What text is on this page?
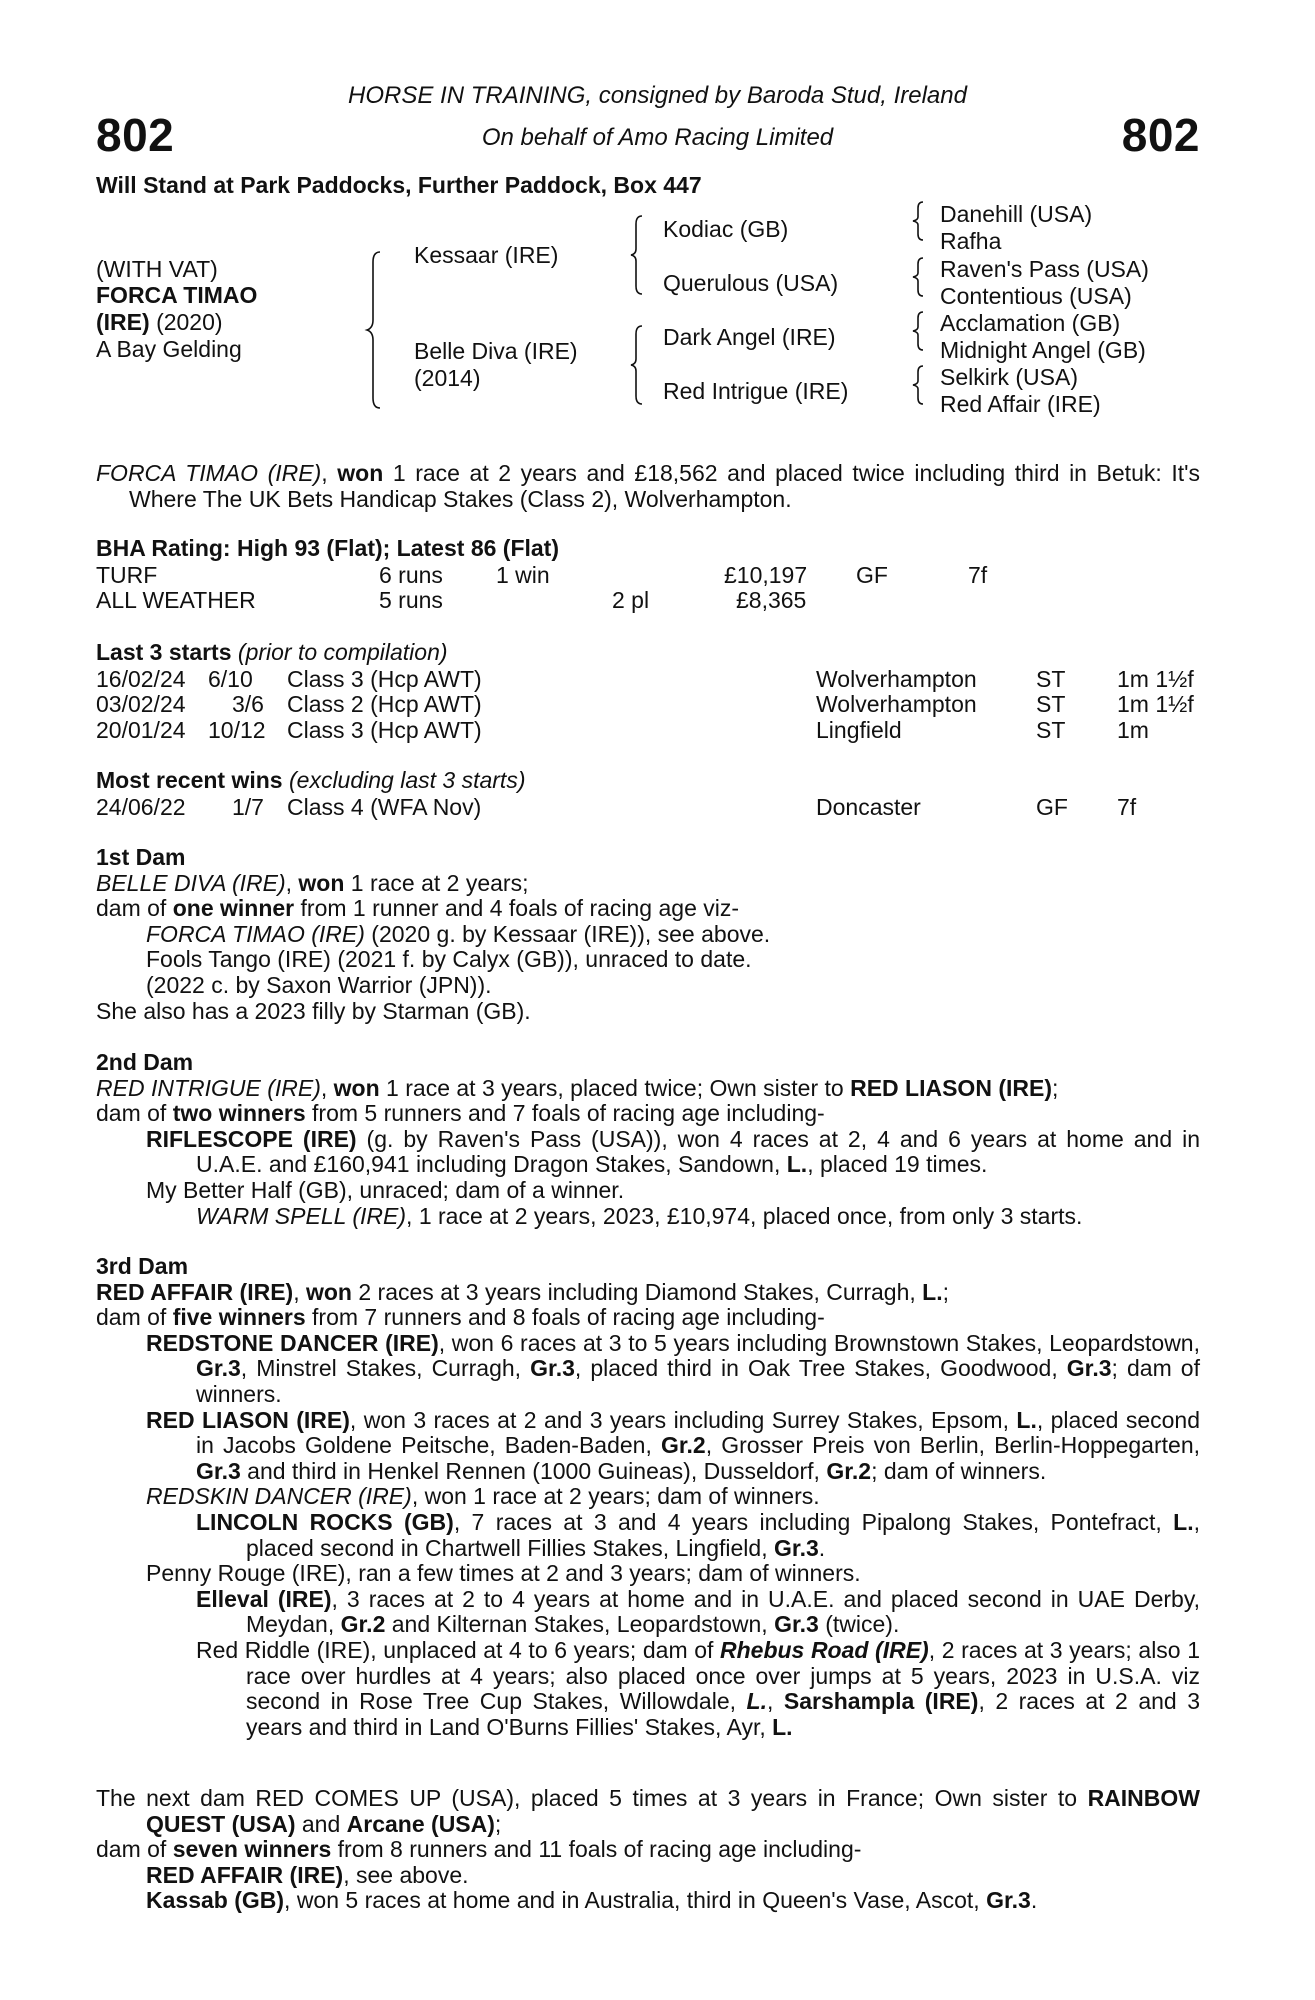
802	802
HORSE IN TRAINING, consigned by Baroda Stud, Ireland
On behalf of Amo Racing Limited
Will Stand at Park Paddocks, Further Paddock, Box 447
(WITH VAT)
FORCA TIMAO
(IRE) (2020)
A Bay Gelding
Kessaar (IRE)
Belle Diva (IRE)
(2014)
Kodiac (GB)
Querulous (USA)
Dark Angel (IRE)
Red Intrigue (IRE)
Danehill (USA)
Rafha
Raven's Pass (USA)
Contentious (USA)
Acclamation (GB)
Midnight Angel (GB)
Selkirk (USA)
Red Affair (IRE)

FORCA TIMAO (IRE), won 1 race at 2 years and £18,562 and placed twice including third in Betuk: It's Where The UK Bets Handicap Stakes (Class 2), Wolverhampton.

BHA Rating: High 93 (Flat); Latest 86 (Flat)
TURF	6 runs 1 win	£10,197 GF	7f
ALL WEATHER	5 runs	2 pl	£8,365
Last 3 starts (prior to compilation)
16/02/24 6/10 Class 3 (Hcp AWT)	Wolverhampton	ST 1m 1½f
03/02/24 3/6 Class 2 (Hcp AWT)	Wolverhampton	ST 1m 1½f
20/01/24 10/12 Class 3 (Hcp AWT)	Lingfield	ST 1m
Most recent wins (excluding last 3 starts)
24/06/22 1/7 Class 4 (WFA Nov)	Doncaster	GF 7f
1st Dam

BELLE DIVA (IRE), won 1 race at 2 years;

dam of one winner from 1 runner and 4 foals of racing age viz-

FORCA TIMAO (IRE) (2020 g. by Kessaar (IRE)), see above.

Fools Tango (IRE) (2021 f. by Calyx (GB)), unraced to date.

(2022 c. by Saxon Warrior (JPN)).

She also has a 2023 filly by Starman (GB).

2nd Dam

RED INTRIGUE (IRE), won 1 race at 3 years, placed twice; Own sister to RED LIASON (IRE);

dam of two winners from 5 runners and 7 foals of racing age including-

RIFLESCOPE (IRE) (g. by Raven's Pass (USA)), won 4 races at 2, 4 and 6 years at home and in U.A.E. and £160,941 including Dragon Stakes, Sandown, L., placed 19 times.

My Better Half (GB), unraced; dam of a winner.

WARM SPELL (IRE), 1 race at 2 years, 2023, £10,974, placed once, from only 3 starts.

3rd Dam

RED AFFAIR (IRE), won 2 races at 3 years including Diamond Stakes, Curragh, L.;

dam of five winners from 7 runners and 8 foals of racing age including-

REDSTONE DANCER (IRE), won 6 races at 3 to 5 years including Brownstown Stakes, Leopardstown, Gr.3, Minstrel Stakes, Curragh, Gr.3, placed third in Oak Tree Stakes, Goodwood, Gr.3; dam of winners.

RED LIASON (IRE), won 3 races at 2 and 3 years including Surrey Stakes, Epsom, L., placed second in Jacobs Goldene Peitsche, Baden-Baden, Gr.2, Grosser Preis von Berlin, Berlin-Hoppegarten, Gr.3 and third in Henkel Rennen (1000 Guineas), Dusseldorf, Gr.2; dam of winners.

REDSKIN DANCER (IRE), won 1 race at 2 years; dam of winners.

LINCOLN ROCKS (GB), 7 races at 3 and 4 years including Pipalong Stakes, Pontefract, L., placed second in Chartwell Fillies Stakes, Lingfield, Gr.3.

Penny Rouge (IRE), ran a few times at 2 and 3 years; dam of winners.

Elleval (IRE), 3 races at 2 to 4 years at home and in U.A.E. and placed second in UAE Derby, Meydan, Gr.2 and Kilternan Stakes, Leopardstown, Gr.3 (twice).

Red Riddle (IRE), unplaced at 4 to 6 years; dam of Rhebus Road (IRE), 2 races at 3 years; also 1 race over hurdles at 4 years; also placed once over jumps at 5 years, 2023 in U.S.A. viz second in Rose Tree Cup Stakes, Willowdale, L., Sarshampla (IRE), 2 races at 2 and 3 years and third in Land O'Burns Fillies' Stakes, Ayr, L.

The next dam RED COMES UP (USA), placed 5 times at 3 years in France; Own sister to RAINBOW QUEST (USA) and Arcane (USA);

dam of seven winners from 8 runners and 11 foals of racing age including-

RED AFFAIR (IRE), see above.

Kassab (GB), won 5 races at home and in Australia, third in Queen's Vase, Ascot, Gr.3.
